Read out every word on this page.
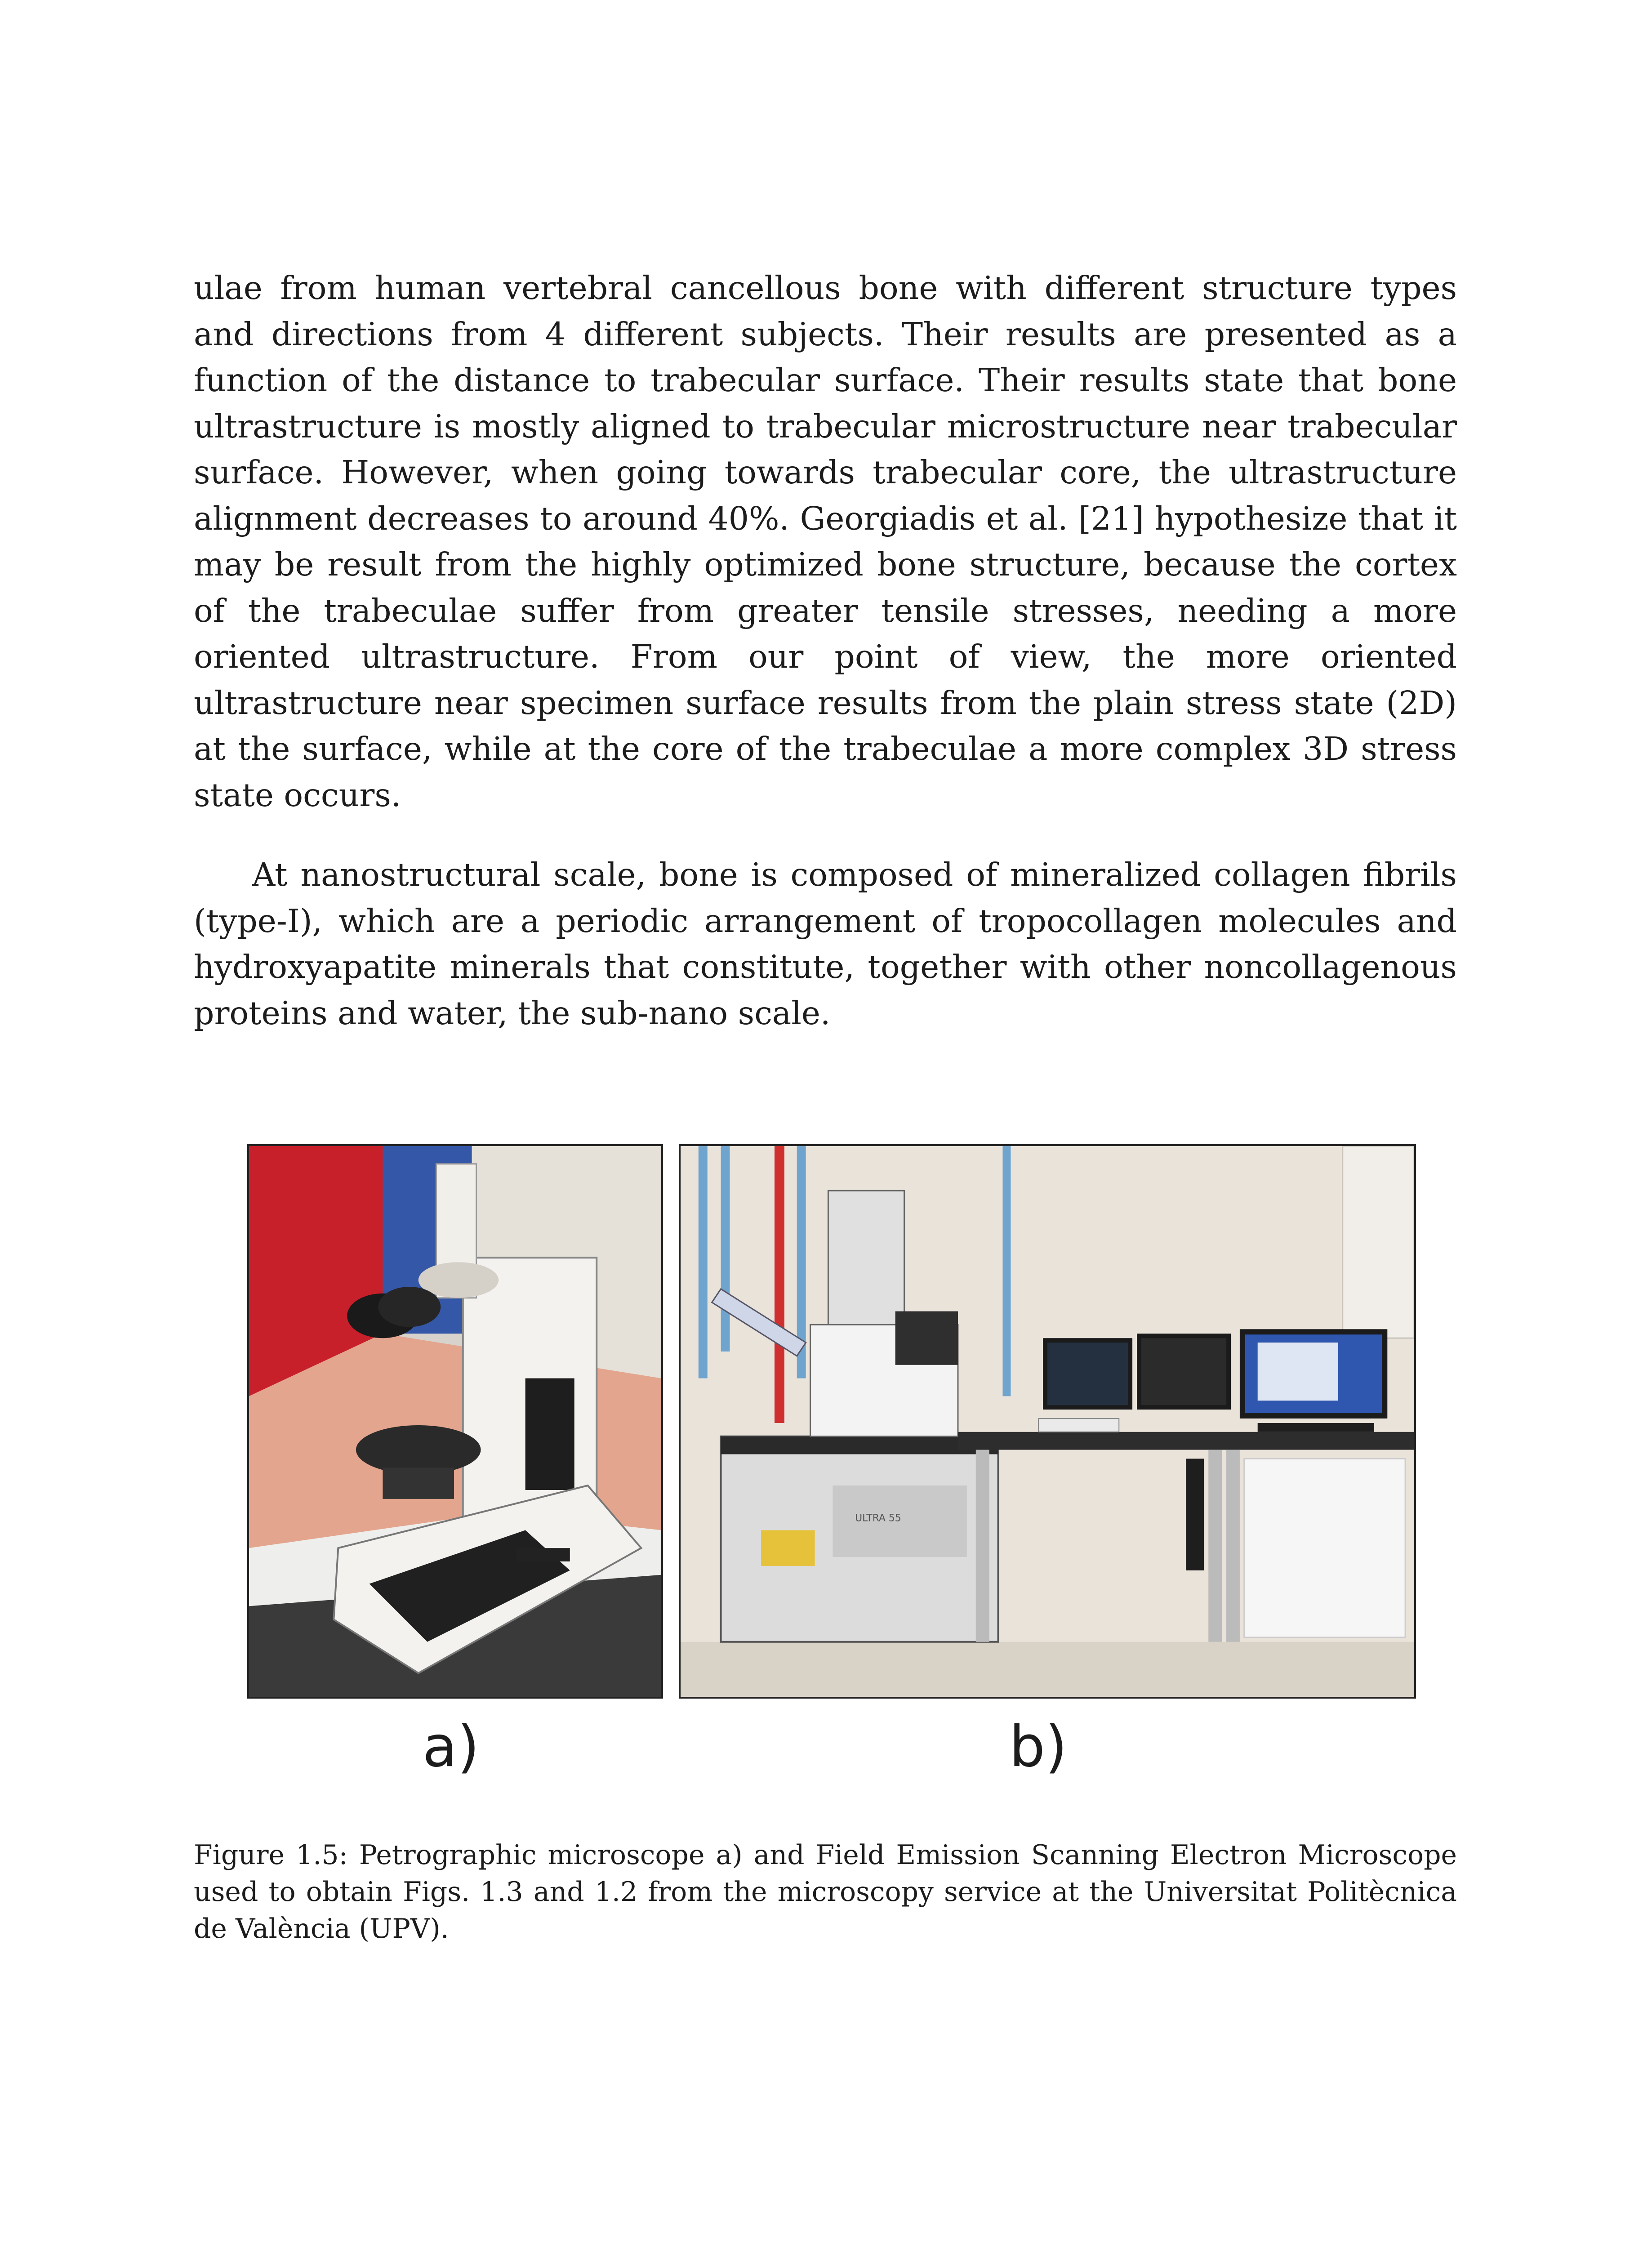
ulae from human vertebral cancellous bone with different structure types and directions from 4 different subjects. Their results are presented as a function of the distance to trabecular surface. Their results state that bone ultrastructure is mostly aligned to trabecular microstructure near trabecular surface. However, when going towards trabecular core, the ultrastructure alignment decreases to around 40%. Georgiadis et al. [21] hypothesize that it may be result from the highly optimized bone structure, because the cortex of the trabeculae suffer from greater tensile stresses, needing a more oriented ultrastructure. From our point of view, the more oriented ultrastructure near specimen surface results from the plain stress state (2D) at the surface, while at the core of the trabeculae a more complex 3D stress state occurs.

At nanostructural scale, bone is composed of mineralized collagen fibrils (type-I), which are a periodic arrangement of tropocollagen molecules and hydroxyapatite minerals that constitute, together with other noncollagenous proteins and water, the sub-nano scale.

ULTRA 55
a)	b)

Figure 1.5: Petrographic microscope a) and Field Emission Scanning Electron Microscope used to obtain Figs. 1.3 and 1.2 from the microscopy service at the Universitat Politècnica de València (UPV).
